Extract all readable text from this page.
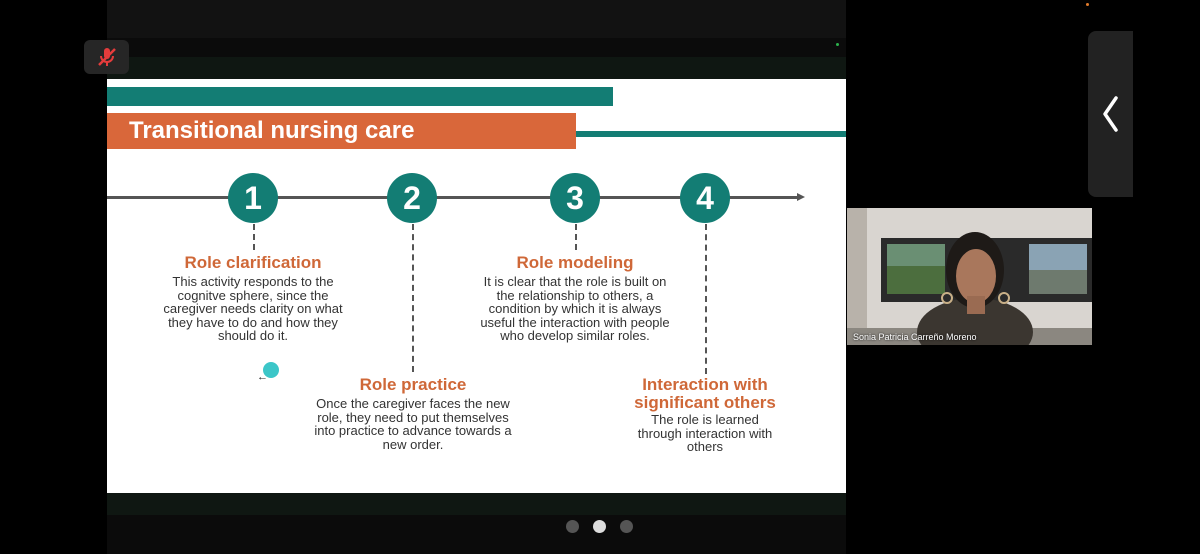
Transitional nursing care
1
Role clarification
This activity responds to the cognitve sphere, since the caregiver needs clarity on what they have to do and how they should do it.
2
Role practice
Once the caregiver faces the new role, they need to put themselves into practice to advance towards a new order.
3
Role modeling
It is clear that the role is built on the relationship to others, a condition by which it is always useful the interaction with people who develop similar roles.
4
Interaction with significant others
The role is learned through interaction with others
←
Sonia Patricia Carreño Moreno
